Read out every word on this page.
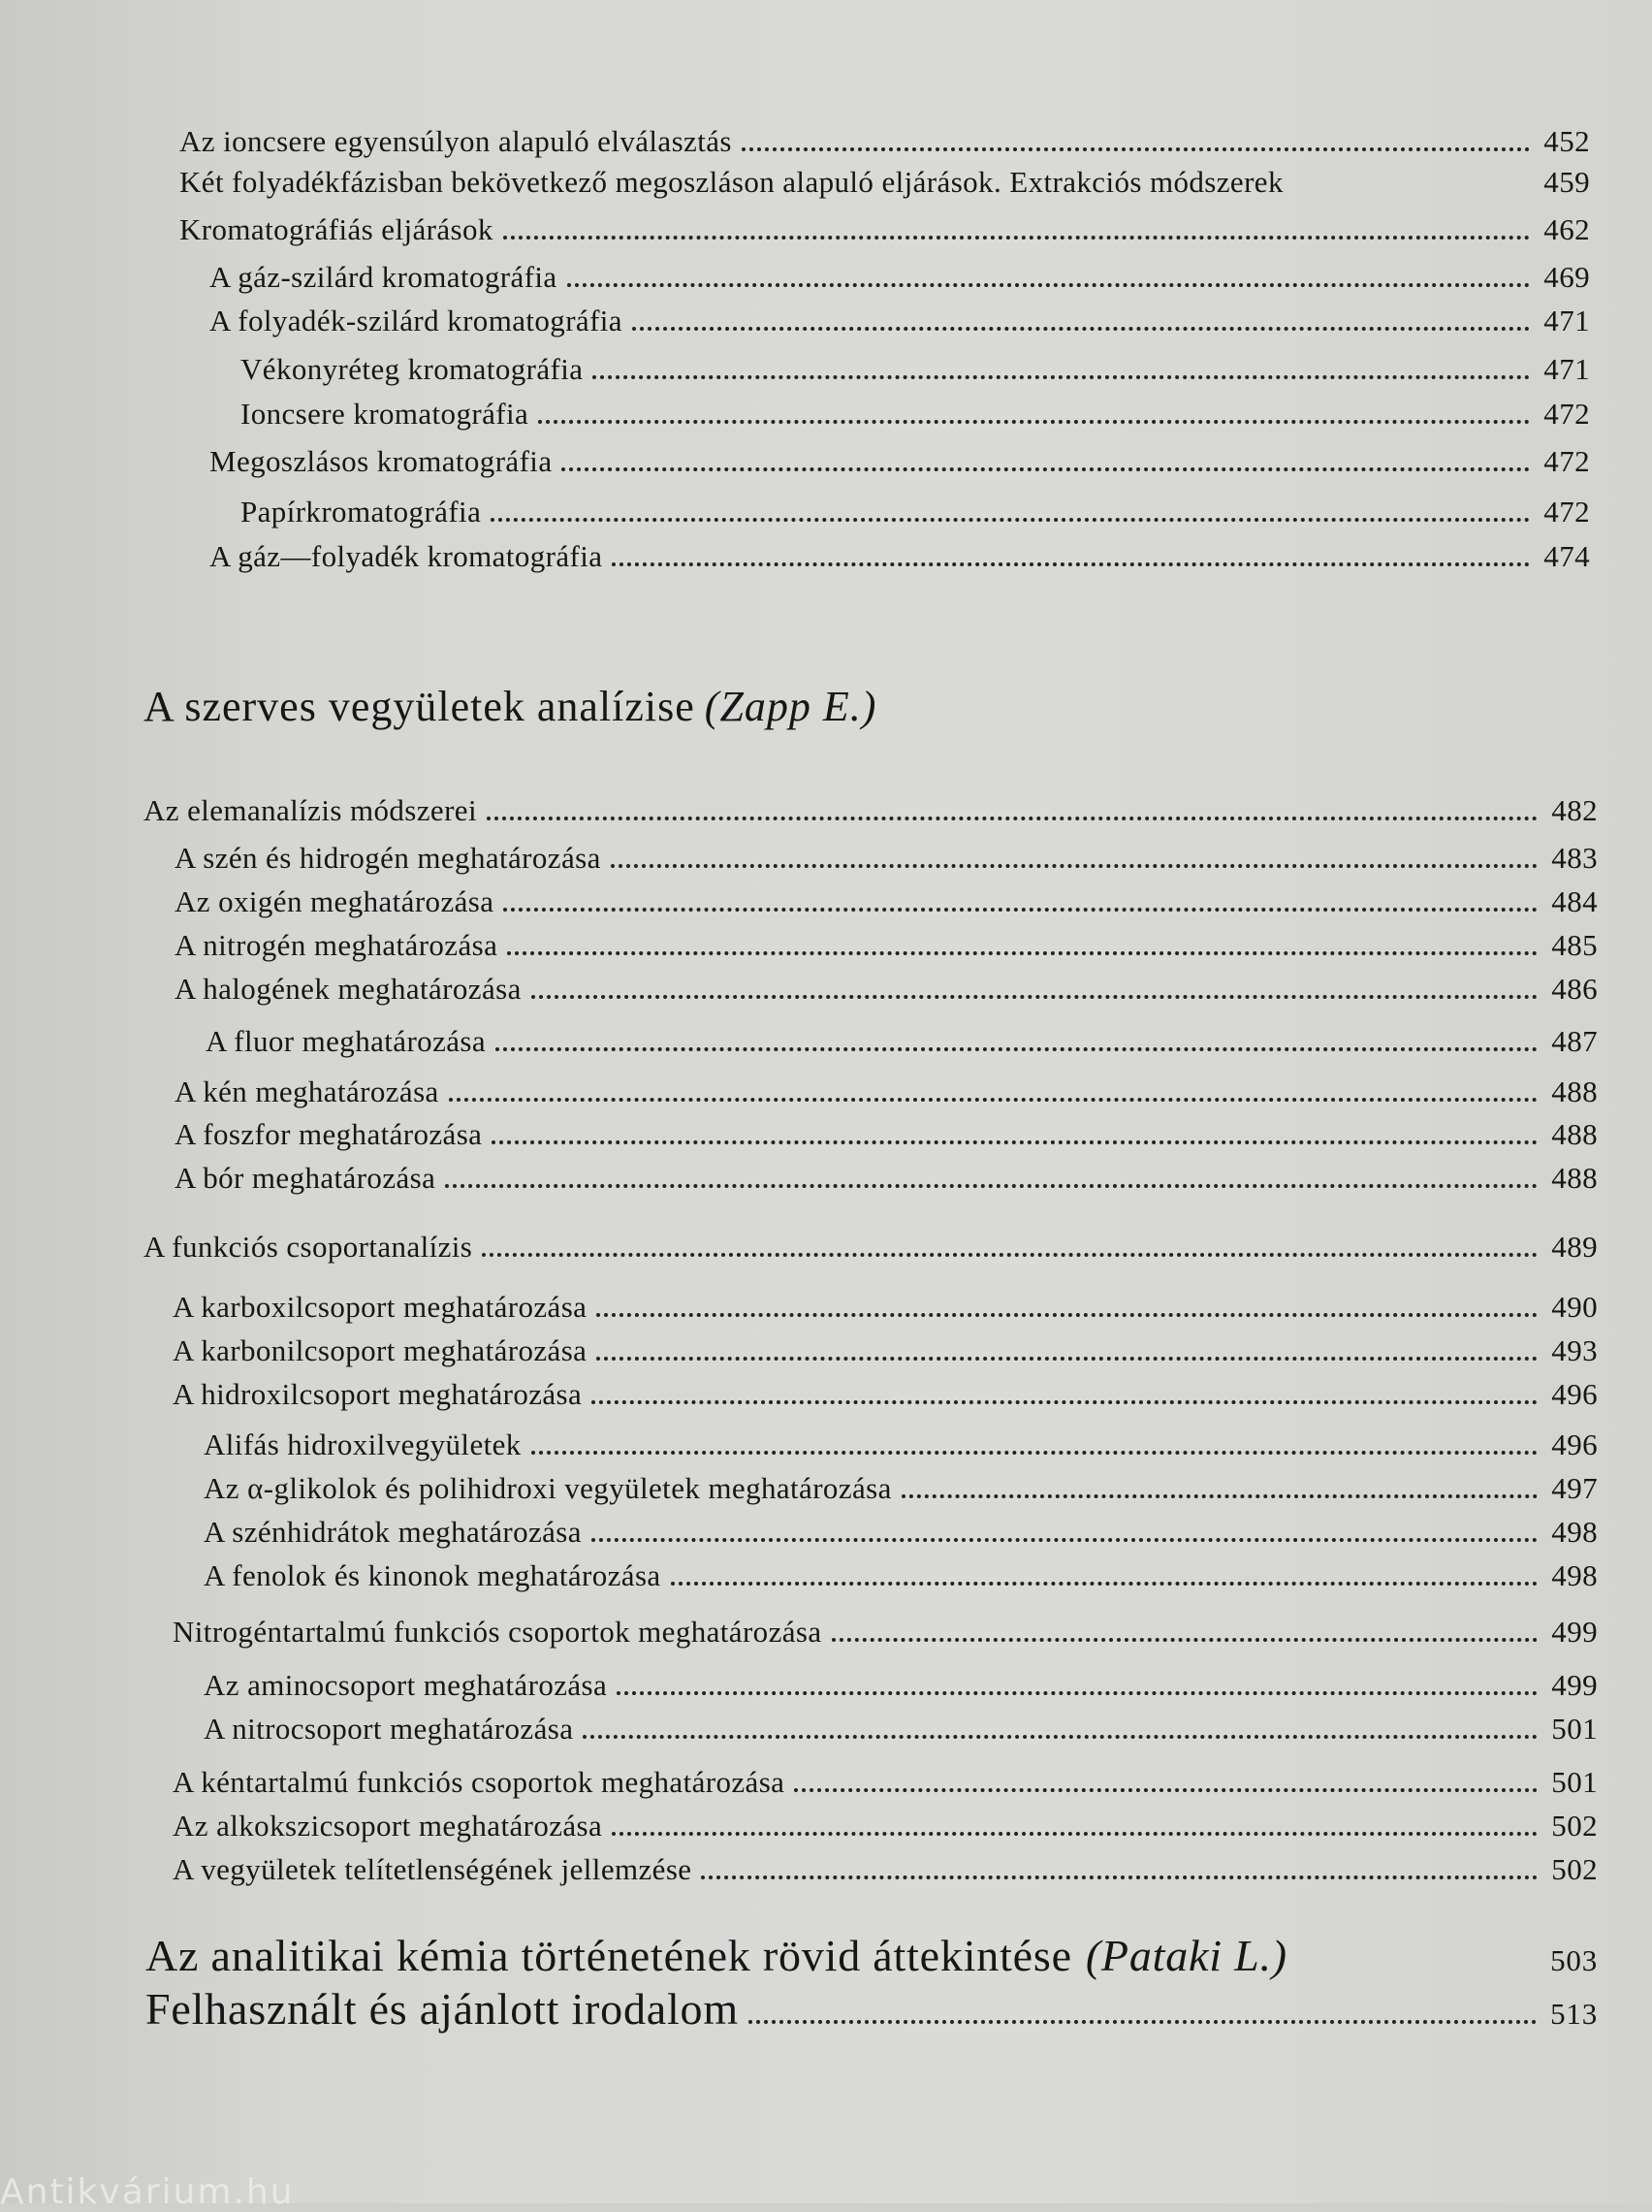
Az ioncsere egyensúlyon alapuló elválasztás	452
Két folyadékfázisban bekövetkező megoszláson alapuló eljárások. Extrakciós módszerek	459
Kromatográfiás eljárások	462
A gáz-szilárd kromatográfia	469
A folyadék-szilárd kromatográfia	471
Vékonyréteg kromatográfia	471
Ioncsere kromatográfia	472
Megoszlásos kromatográfia	472
Papírkromatográfia	472
A gáz—folyadék kromatográfia	474
A szerves vegyületek analízise (Zapp E.)
Az elemanalízis módszerei	482
A szén és hidrogén meghatározása	483
Az oxigén meghatározása	484
A nitrogén meghatározása	485
A halogének meghatározása	486
A fluor meghatározása	487
A kén meghatározása	488
A foszfor meghatározása	488
A bór meghatározása	488
A funkciós csoportanalízis	489
A karboxilcsoport meghatározása	490
A karbonilcsoport meghatározása	493
A hidroxilcsoport meghatározása	496
Alifás hidroxilvegyületek	496
Az α-glikolok és polihidroxi vegyületek meghatározása	497
A szénhidrátok meghatározása	498
A fenolok és kinonok meghatározása	498
Nitrogéntartalmú funkciós csoportok meghatározása	499
Az aminocsoport meghatározása	499
A nitrocsoport meghatározása	501
A kéntartalmú funkciós csoportok meghatározása	501
Az alkokszicsoport meghatározása	502
A vegyületek telítetlenségének jellemzése	502
Az analitikai kémia történetének rövid áttekintése (Pataki L.)	503
Felhasznált és ajánlott irodalom	513
Antikvárium.hu
